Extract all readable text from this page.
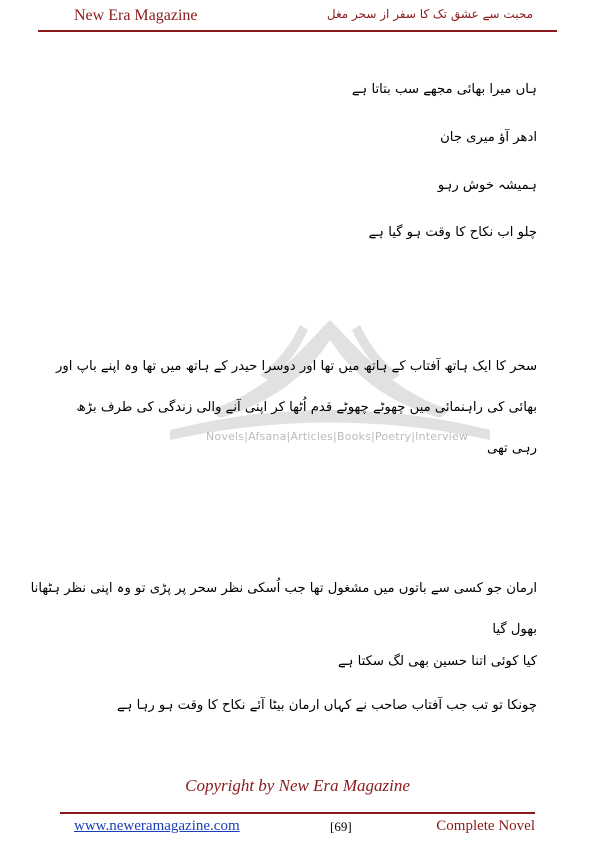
New Era Magazine	محبت سے عشق تک کا سفر از سحر مغل
Novels|Afsana|Articles|Books|Poetry|Interview
ہاں میرا بھائی مجھے سب بتاتا ہے
ادھر آؤ میری جان
ہمیشہ خوش رہو
چلو اب نکاح کا وقت ہو گیا ہے
سحر کا ایک ہاتھ آفتاب کے ہاتھ میں تھا اور دوسرا حیدر کے ہاتھ میں تھا وہ اپنے باپ اور
بھائی کی راہنمائی میں چھوٹے چھوٹے قدم اُٹھا کر اپنی آنے والی زندگی کی طرف بڑھ
رہی تھی
ارمان جو کسی سے باتوں میں مشغول تھا جب اُسکی نظر سحر پر پڑی تو وہ اپنی نظر ہٹھانا
بھول گیا
کیا کوئی اتنا حسین بھی لگ سکتا ہے
چونکا تو تب جب آفتاب صاحب نے کہاں ارمان بیٹا آئے نکاح کا وقت ہو رہا ہے
Copyright by New Era Magazine
www.neweramagazine.com	[69]	Complete Novel
